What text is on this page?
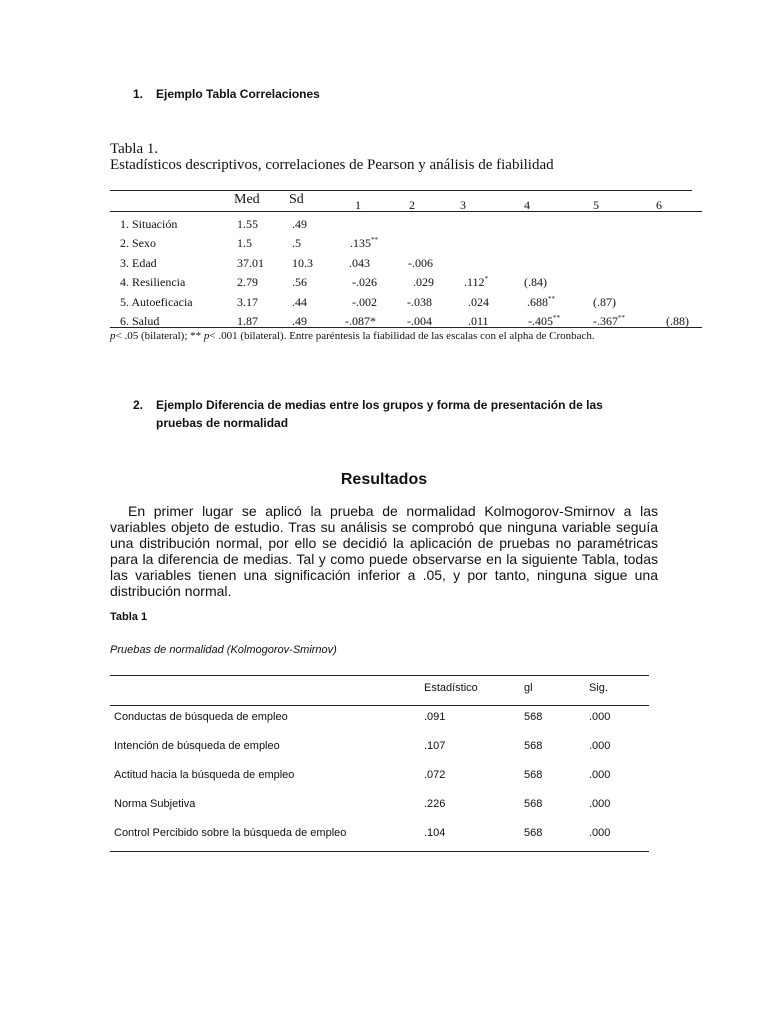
1. Ejemplo Tabla Correlaciones
Tabla 1.
Estadísticos descriptivos, correlaciones de Pearson y análisis de fiabilidad
Med Sd	1	2	3	4	5	6
1. Situación	1.55	.49
2. Sexo	1.5	.5	.135**
3. Edad	37.01 10.3	.043	-.006
4. Resiliencia	2.79	.56	-.026	.029	.112*	(.84)
5. Autoeficacia	3.17	.44	-.002	-.038	.024	.688**	(.87)
6. Salud	1.87	.49	-.087*	-.004	.011	-.405**	-.367**	(.88)
p< .05 (bilateral); ** p< .001 (bilateral). Entre paréntesis la fiabilidad de las escalas con el alpha de Cronbach.
2. Ejemplo Diferencia de medias entre los grupos y forma de presentación de las
pruebas de normalidad
Resultados
En primer lugar se aplicó la prueba de normalidad Kolmogorov-Smirnov a las variables objeto de estudio. Tras su análisis se comprobó que ninguna variable seguía una distribución normal, por ello se decidió la aplicación de pruebas no paramétricas para la diferencia de medias. Tal y como puede observarse en la siguiente Tabla, todas las variables tienen una significación inferior a .05, y por tanto, ninguna sigue una distribución normal.
Tabla 1
Pruebas de normalidad (Kolmogorov-Smirnov)
Estadístico	gl	Sig.
Conductas de búsqueda de empleo	.091	568	.000
Intención de búsqueda de empleo	.107	568	.000
Actitud hacia la búsqueda de empleo	.072	568	.000
Norma Subjetiva	.226	568	.000
Control Percibido sobre la búsqueda de empleo	.104	568	.000
